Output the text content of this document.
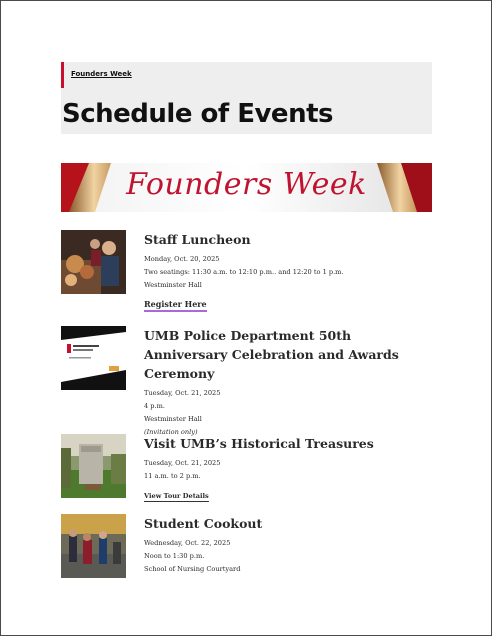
Founders Week
Schedule of Events
Founders Week
Staff Luncheon

Monday, Oct. 20, 2025

Two seatings: 11:30 a.m. to 12:10 p.m.. and 12:20 to 1 p.m.

Westminster Hall

Register Here
UMB Police Department 50th Anniversary Celebration and Awards Ceremony

Tuesday, Oct. 21, 2025

4 p.m.

Westminster Hall

(Invitation only)

Visit UMB’s Historical Treasures

Tuesday, Oct. 21, 2025

11 a.m. to 2 p.m.

View Tour Details
Student Cookout

Wednesday, Oct. 22, 2025

Noon to 1:30 p.m.

School of Nursing Courtyard
